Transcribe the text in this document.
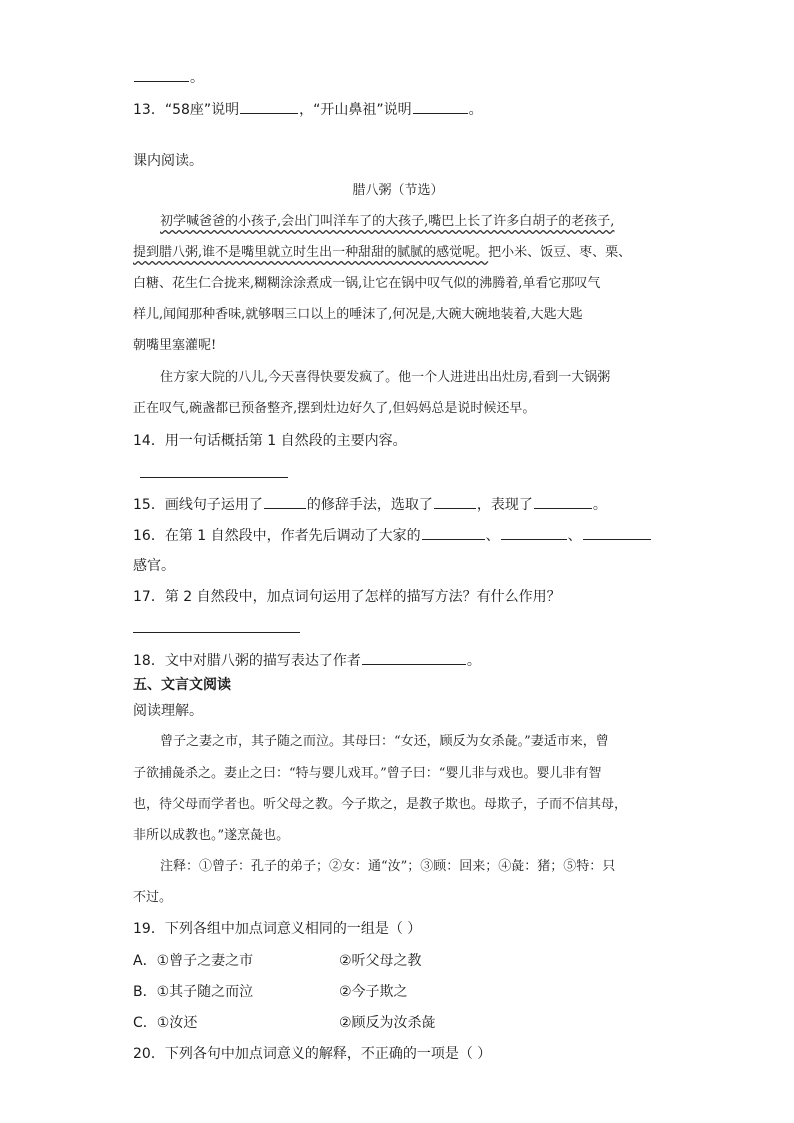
。
13．“58座”说明	，“开山鼻祖”说明	。
课内阅读。
腊八粥（节选）
初学喊爸爸的小孩子,会出门叫洋车了的大孩子,嘴巴上长了许多白胡子的老孩子,
提到腊八粥,谁不是嘴里就立时生出一种甜甜的腻腻的感觉呢。把小米、饭豆、枣、栗、
白糖、花生仁合拢来,糊糊涂涂煮成一锅,让它在锅中叹气似的沸腾着,单看它那叹气
样儿,闻闻那种香味,就够咽三口以上的唾沫了,何况是,大碗大碗地装着,大匙大匙
朝嘴里塞灌呢!
住方家大院的八儿,今天喜得快要发疯了。他一个人进进出出灶房,看到一大锅粥
正在叹气,碗盏都已预备整齐,摆到灶边好久了,但妈妈总是说时候还早。
14．用一句话概括第 1 自然段的主要内容。
15．画线句子运用了	的修辞手法，选取了	，表现了	。
16．在第 1 自然段中，作者先后调动了大家的	、	、
感官。
17．第 2 自然段中，加点词句运用了怎样的描写方法？有什么作用？
18．文中对腊八粥的描写表达了作者	。
五、文言文阅读
阅读理解。
曾子之妻之市，其子随之而泣。其母曰：“女还，顾反为女杀彘。”妻适市来，曾
子欲捕彘杀之。妻止之曰：“特与婴儿戏耳。”曾子曰：“婴儿非与戏也。婴儿非有智
也，待父母而学者也。听父母之教。今子欺之，是教子欺也。母欺子，子而不信其母，
非所以成教也。”遂烹彘也。
注释：①曾子：孔子的弟子；②女：通“汝”；③顾：回来；④彘：猪；⑤特：只
不过。
19．下列各组中加点词意义相同的一组是（ ）
A．①曾子之妻之市	②听父母之教
B．①其子随之而泣	②今子欺之
C．①汝还	②顾反为汝杀彘
20．下列各句中加点词意义的解释，不正确的一项是（ ）
